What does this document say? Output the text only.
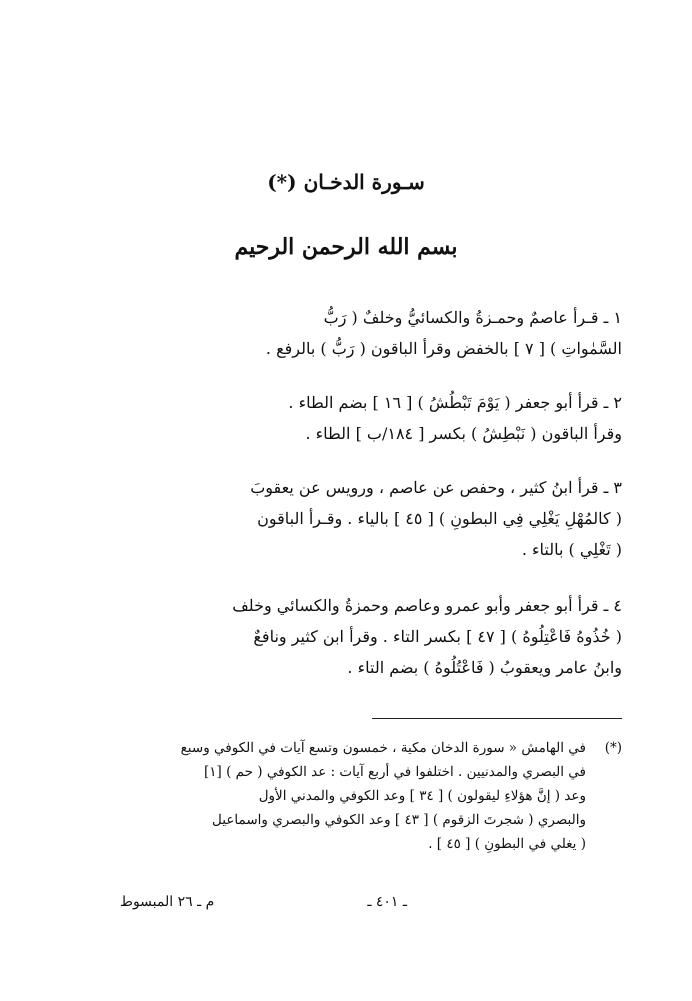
سـورة الدخـان (*)
بسم الله الرحمن الرحيم
١ ـ قـرأ عاصمٌ وحمـزةُ والكسائيُّ وخلفٌ ( رَبُّ
السَّمٰواتِ ) [ ٧ ] بالخفض وقرأ الباقون ( رَبُّ ) بالرفع .
٢ ـ قرأ أبو جعفر ( يَوْمَ تَبْطُشُ ) [ ١٦ ] بضم الطاء .
وقرأ الباقون ( نَبْطِشُ ) بكسر [ ١٨٤/ب ] الطاء .
٣ ـ قرأ ابنُ كثير ، وحفص عن عاصم ، ورويس عن يعقوبَ
( كالمُهْلِ يَغْلِي فِي البطونِ ) [ ٤٥ ] بالياء . وقـرأ الباقون
( تَغْلِي ) بالتاء .
٤ ـ قرأ أبو جعفر وأبو عمرو وعاصم وحمزةُ والكسائي وخلف
( خُذُوهُ فَاعْتِلُوهُ ) [ ٤٧ ] بكسر التاء . وقرأ ابن كثير ونافعٌ
وابنُ عامر ويعقوبُ ( فَاعْتُلُوهُ ) بضم التاء .
(*)في الهامش « سورة الدخان مكية ، خمسون وتسع آيات في الكوفي وسبع
في البصري والمدنيين . اختلفوا في أربع آيات : عد الكوفي ( حم ) [١]
وعد ( إنَّ هؤلاءِ ليقولون ) [ ٣٤ ] وعد الكوفي والمدني الأول
والبصري ( شجرتَ الزقوم ) [ ٤٣ ] وعد الكوفي والبصري واسماعيل
( يغلي في البطونِ ) [ ٤٥ ] .
ـ ٤٠١ ـ
م ـ ٢٦ المبسوط
